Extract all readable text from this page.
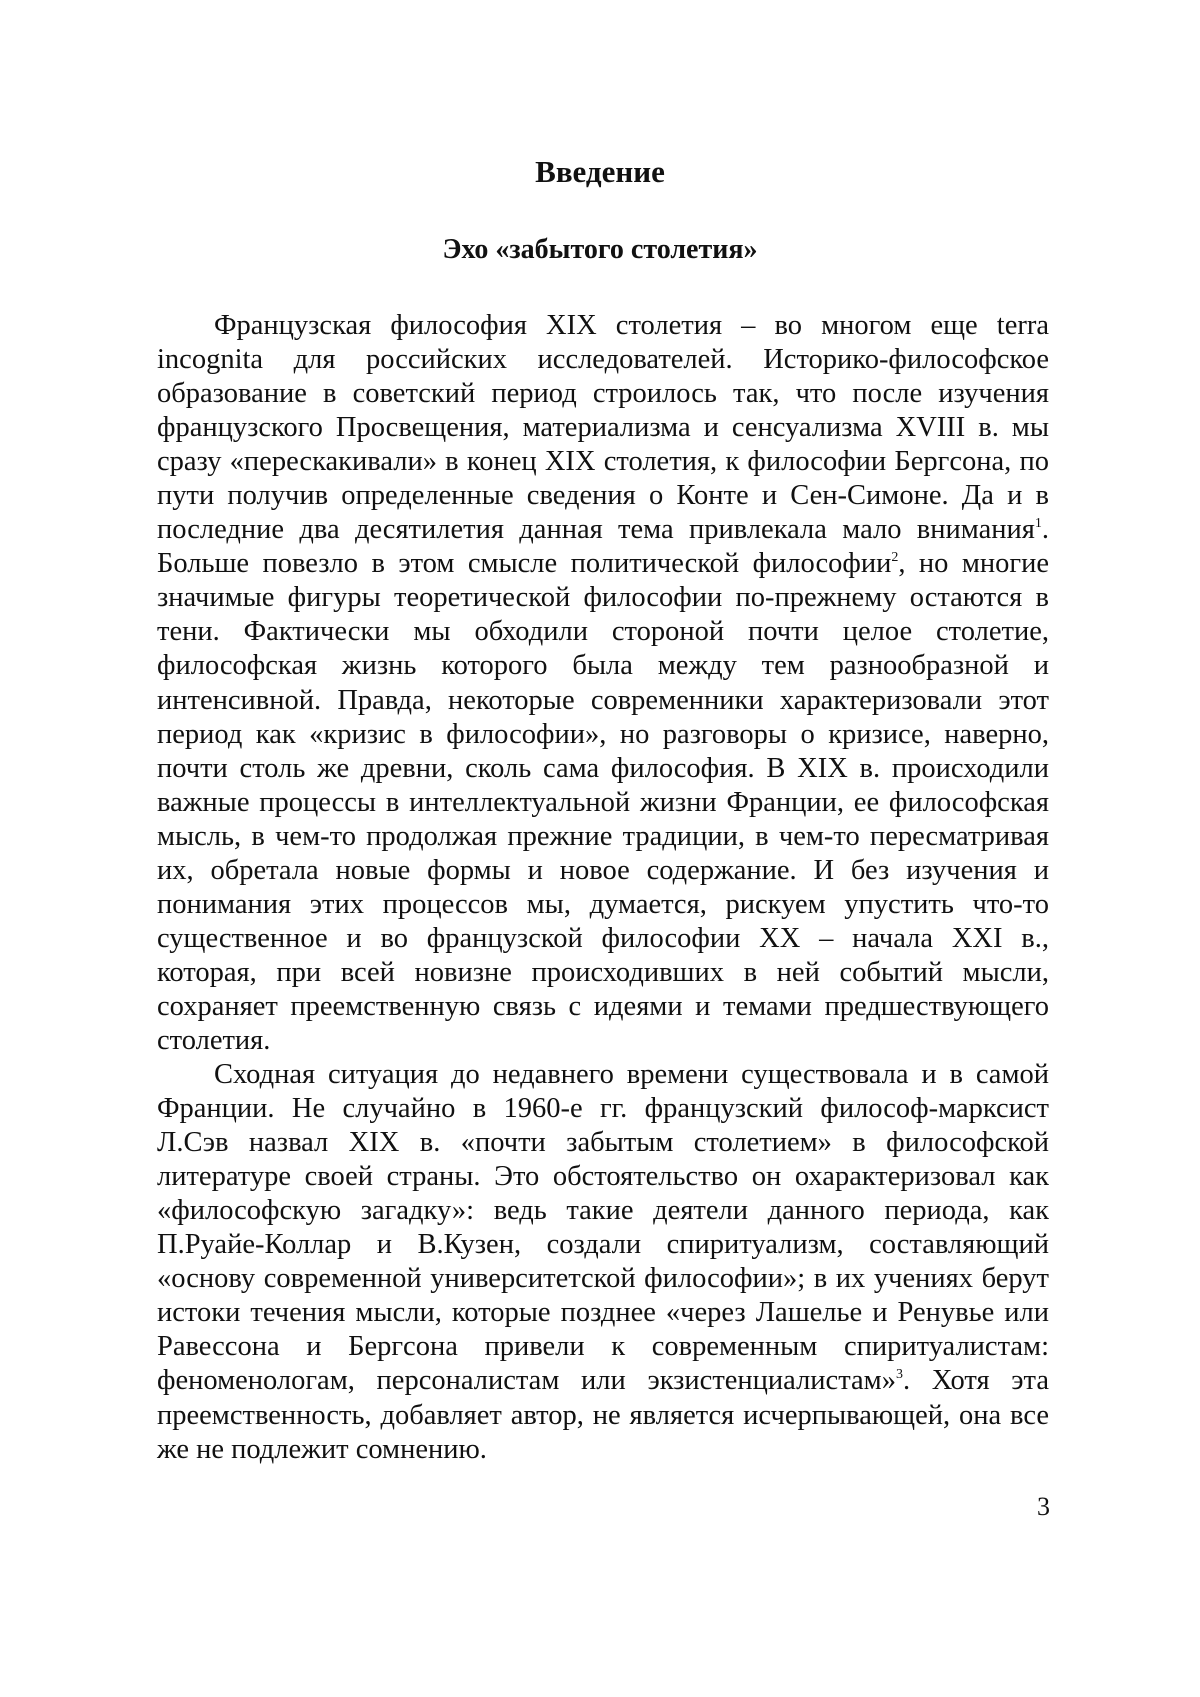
Введение
Эхо «забытого столетия»

Французская философия XIX столетия – во многом еще terra incognita для российских исследователей. Историко-философское образование в советский период строилось так, что после изучения французского Просвещения, материализма и сенсуализма XVIII в. мы сразу «перескакивали» в конец XIX столетия, к философии Бергсона, по пути получив определенные сведения о Конте и Сен-Симоне. Да и в последние два десятилетия данная тема привлекала мало внимания$^1$. Больше повезло в этом смысле политической философии$^2$, но многие значимые фигуры теоретической философии по-прежнему остаются в тени. Фактически мы обходили стороной почти целое столетие, философская жизнь которого была между тем разнообразной и интенсивной. Правда, некоторые современники характеризовали этот период как «кризис в философии», но разговоры о кризисе, наверно, почти столь же древни, сколь сама философия. В XIX в. происходили важные процессы в интеллектуальной жизни Франции, ее философская мысль, в чем-то продолжая прежние традиции, в чем-то пересматривая их, обретала новые формы и новое содержание. И без изучения и понимания этих процессов мы, думается, рискуем упустить что-то существенное и во французской философии XX – начала XXI в., которая, при всей новизне происходивших в ней событий мысли, сохраняет преемственную связь с идеями и темами предшествующего столетия.

Сходная ситуация до недавнего времени существовала и в самой Франции. Не случайно в 1960-е гг. французский философ-марксист Л.Сэв назвал XIX в. «почти забытым столетием» в философской литературе своей страны. Это обстоятельство он охарактеризовал как «философскую загадку»: ведь такие деятели данного периода, как П.Руайе-Коллар и В.Кузен, создали спиритуализм, составляющий «основу современной университетской философии»; в их учениях берут истоки течения мысли, которые позднее «через Лашелье и Ренувье или Равессона и Бергсона привели к современным спиритуалистам: феноменологам, персоналистам или экзистенциалистам»$^3$. Хотя эта преемственность, добавляет автор, не является исчерпывающей, она все же не подлежит сомнению.

3
